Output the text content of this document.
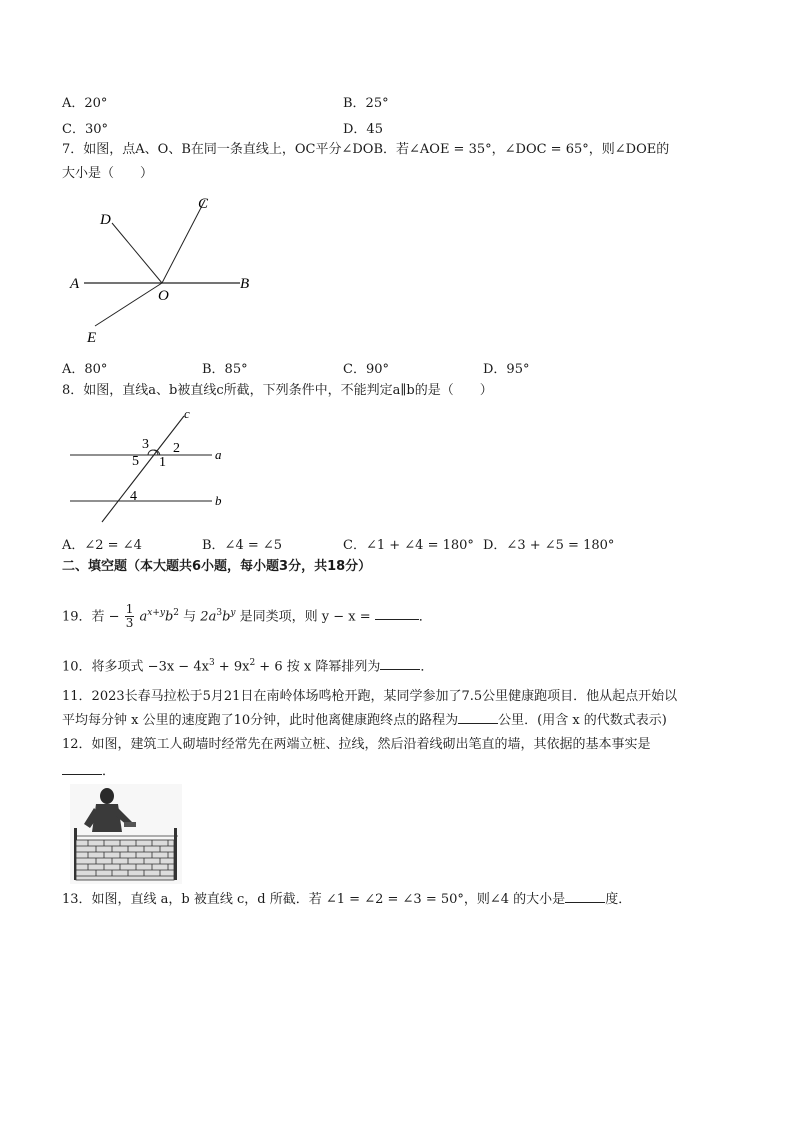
A．20°	B．25°
C．30°	D．45
7．如图，点A、O、B在同一条直线上，OC平分∠DOB．若∠AOE = 35°，∠DOC = 65°，则∠DOE的
大小是（　　）
A	B
C
D
E
O
A．80°	B．85°	C．90°	D．95°
8．如图，直线a、b被直线c所截，下列条件中，不能判定a∥b的是（　　）
c
a
b
3 2
5 1
4
A．∠2 = ∠4	B．∠4 = ∠5	C．∠1 + ∠4 = 180° D．∠3 + ∠5 = 180°
二、填空题（本大题共6小题，每小题3分，共18分）
19．若 − $\frac{1}{3} a^{x+y}b^2$ 与 $2a^3b^y$ 是同类项，则 y − x =	．
10．将多项式 $-3x - 4x^3 + 9x^2 + 6$ 按 x 降幂排列为	．
11．2023长春马拉松于5月21日在南岭体场鸣枪开跑，某同学参加了7.5公里健康跑项目．他从起点开始以
平均每分钟 x 公里的速度跑了10分钟，此时他离健康跑终点的路程为	公里．(用含 x 的代数式表示)
12．如图，建筑工人砌墙时经常先在两端立桩、拉线，然后沿着线砌出笔直的墙，其依据的基本事实是
．
13．如图，直线 a，b 被直线 c，d 所截．若 ∠1 = ∠2 = ∠3 = 50°，则∠4 的大小是	度．
